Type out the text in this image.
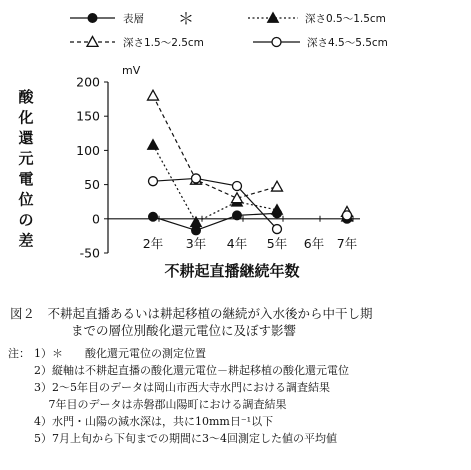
表層	深さ0.5～1.5cm
深さ1.5～2.5cm	深さ4.5～5.5cm
＊
mV
酸
化
還
元
電
位
の
差
200
150
100
50
0
-50
2年 3年 4年 5年 6年 7年
不耕起直播継続年数
図２　不耕起直播あるいは耕起移植の継続が入水後から中干し期
までの層位別酸化還元電位に及ぼす影響
注： 1）＊　　酸化還元電位の測定位置
2）縦軸は不耕起直播の酸化還元電位－耕起移植の酸化還元電位
3）2～5年目のデータは岡山市西大寺水門における調査結果
　 7年目のデータは赤磐郡山陽町における調査結果
4）水門・山陽の減水深は，共に10mm日⁻¹以下
5）7月上旬から下旬までの期間に3～4回測定した値の平均値
